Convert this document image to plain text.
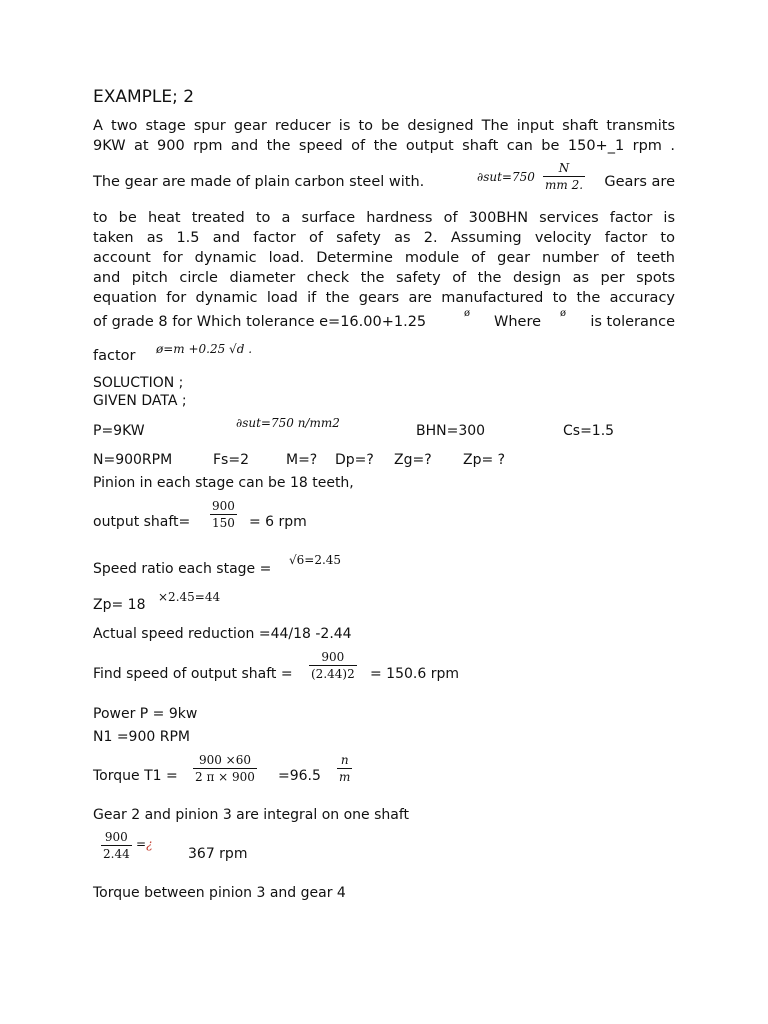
EXAMPLE; 2
A two stage spur gear reducer is to be designed The input shaft transmits
9KW at 900 rpm and the speed of the output shaft can be 150+_1 rpm .
The gear are made of plain carbon steel with.	$\partial sut=750 \frac{N}{mm 2.}$ Gears are
to be heat treated to a surface hardness of 300BHN services factor is
taken as 1.5 and factor of safety as 2. Assuming velocity factor to
account for dynamic load. Determine module of gear number of teeth
and pitch circle diameter check the safety of the design as per spots
equation for dynamic load if the gears are manufactured to the accuracy
of grade 8 for Which tolerance e=16.00+1.25
ø
Where
ø
is tolerance
factor ø=m +0.25 √d .
SOLUCTION ;
GIVEN DATA ;
P=9KW	∂sut=750 n/mm2	BHN=300	Cs=1.5
N=900RPM	Fs=2	M=? Dp=? Zg=? Zp= ?
Pinion in each stage can be 18 teeth,
output shaft= $\frac{900}{150} = 6$ rpm
Speed ratio each stage =
√6=2.45
Zp= 18 ×2.45=44
Actual speed reduction =44/18 -2.44
Find speed of output shaft = $\frac{900}{(2.44)2} = 150.6$ rpm
Power P = 9kw
N1 =900 RPM
Torque $T1 = \frac{900 \times 60}{2 \pi \times 900} =96.5 \frac{n}{m}$
Gear 2 and pinion 3 are integral on one shaft
$\frac{900}{2.44}$ =¿
367 rpm
Torque between pinion 3 and gear 4
